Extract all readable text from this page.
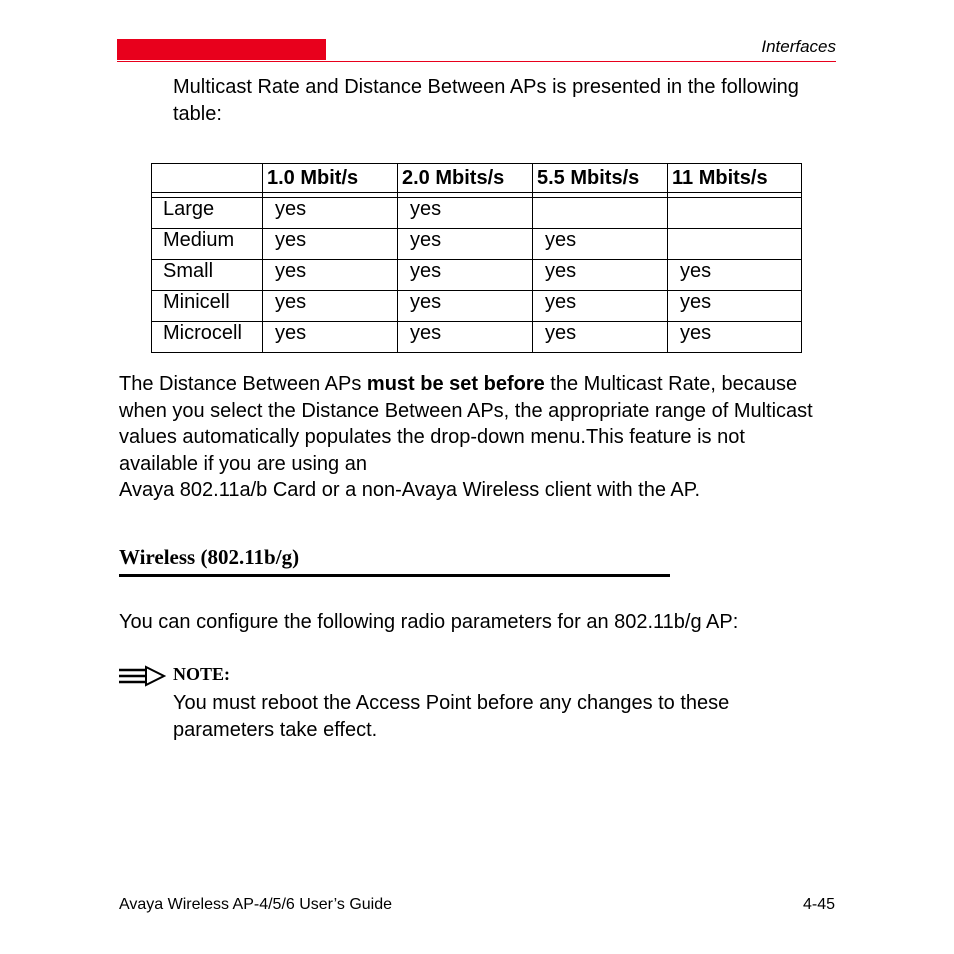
Interfaces
Multicast Rate and Distance Between APs is presented in the following table:
	1.0 Mbit/s	2.0 Mbits/s	5.5 Mbits/s	11 Mbits/s

Large	yes	yes		
Medium	yes	yes	yes	
Small	yes	yes	yes	yes
Minicell	yes	yes	yes	yes
Microcell	yes	yes	yes	yes
The Distance Between APs must be set before the Multicast Rate, because when you select the Distance Between APs, the appropriate range of Multicast values automatically populates the drop-down menu.This feature is not available if you are using an
Avaya 802.11a/b Card or a non-Avaya Wireless client with the AP.
Wireless (802.11b/g)
You can configure the following radio parameters for an 802.11b/g AP:
NOTE:
You must reboot the Access Point before any changes to these parameters take effect.
Avaya Wireless AP-4/5/6 User’s Guide	4-45
